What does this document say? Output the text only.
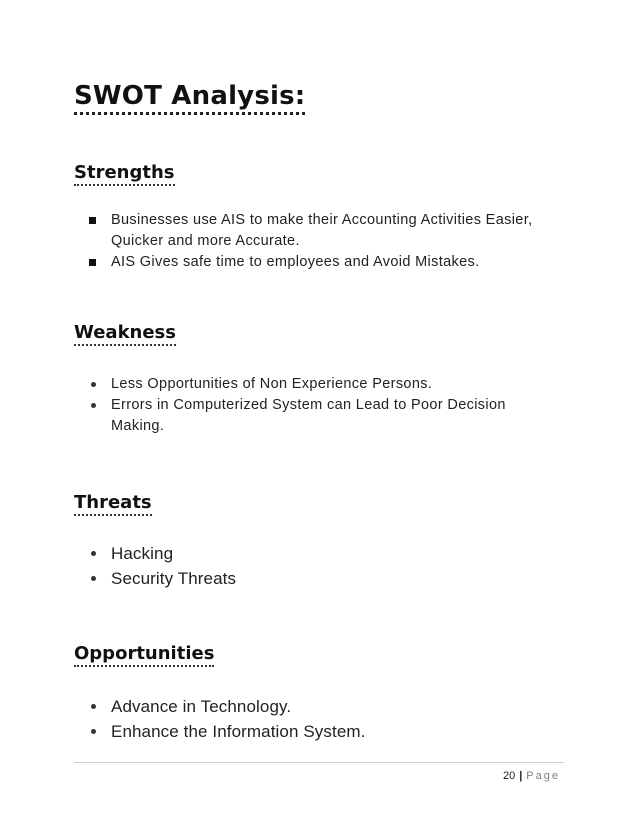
SWOT Analysis:
Strengths
Businesses use AIS to make their Accounting Activities Easier, Quicker and more Accurate.
AIS Gives safe time to employees and Avoid Mistakes.
Weakness
Less Opportunities of Non Experience Persons.
Errors in Computerized System can Lead to Poor Decision Making.
Threats
Hacking
Security Threats
Opportunities
Advance in Technology.
Enhance the Information System.
20 | Page
